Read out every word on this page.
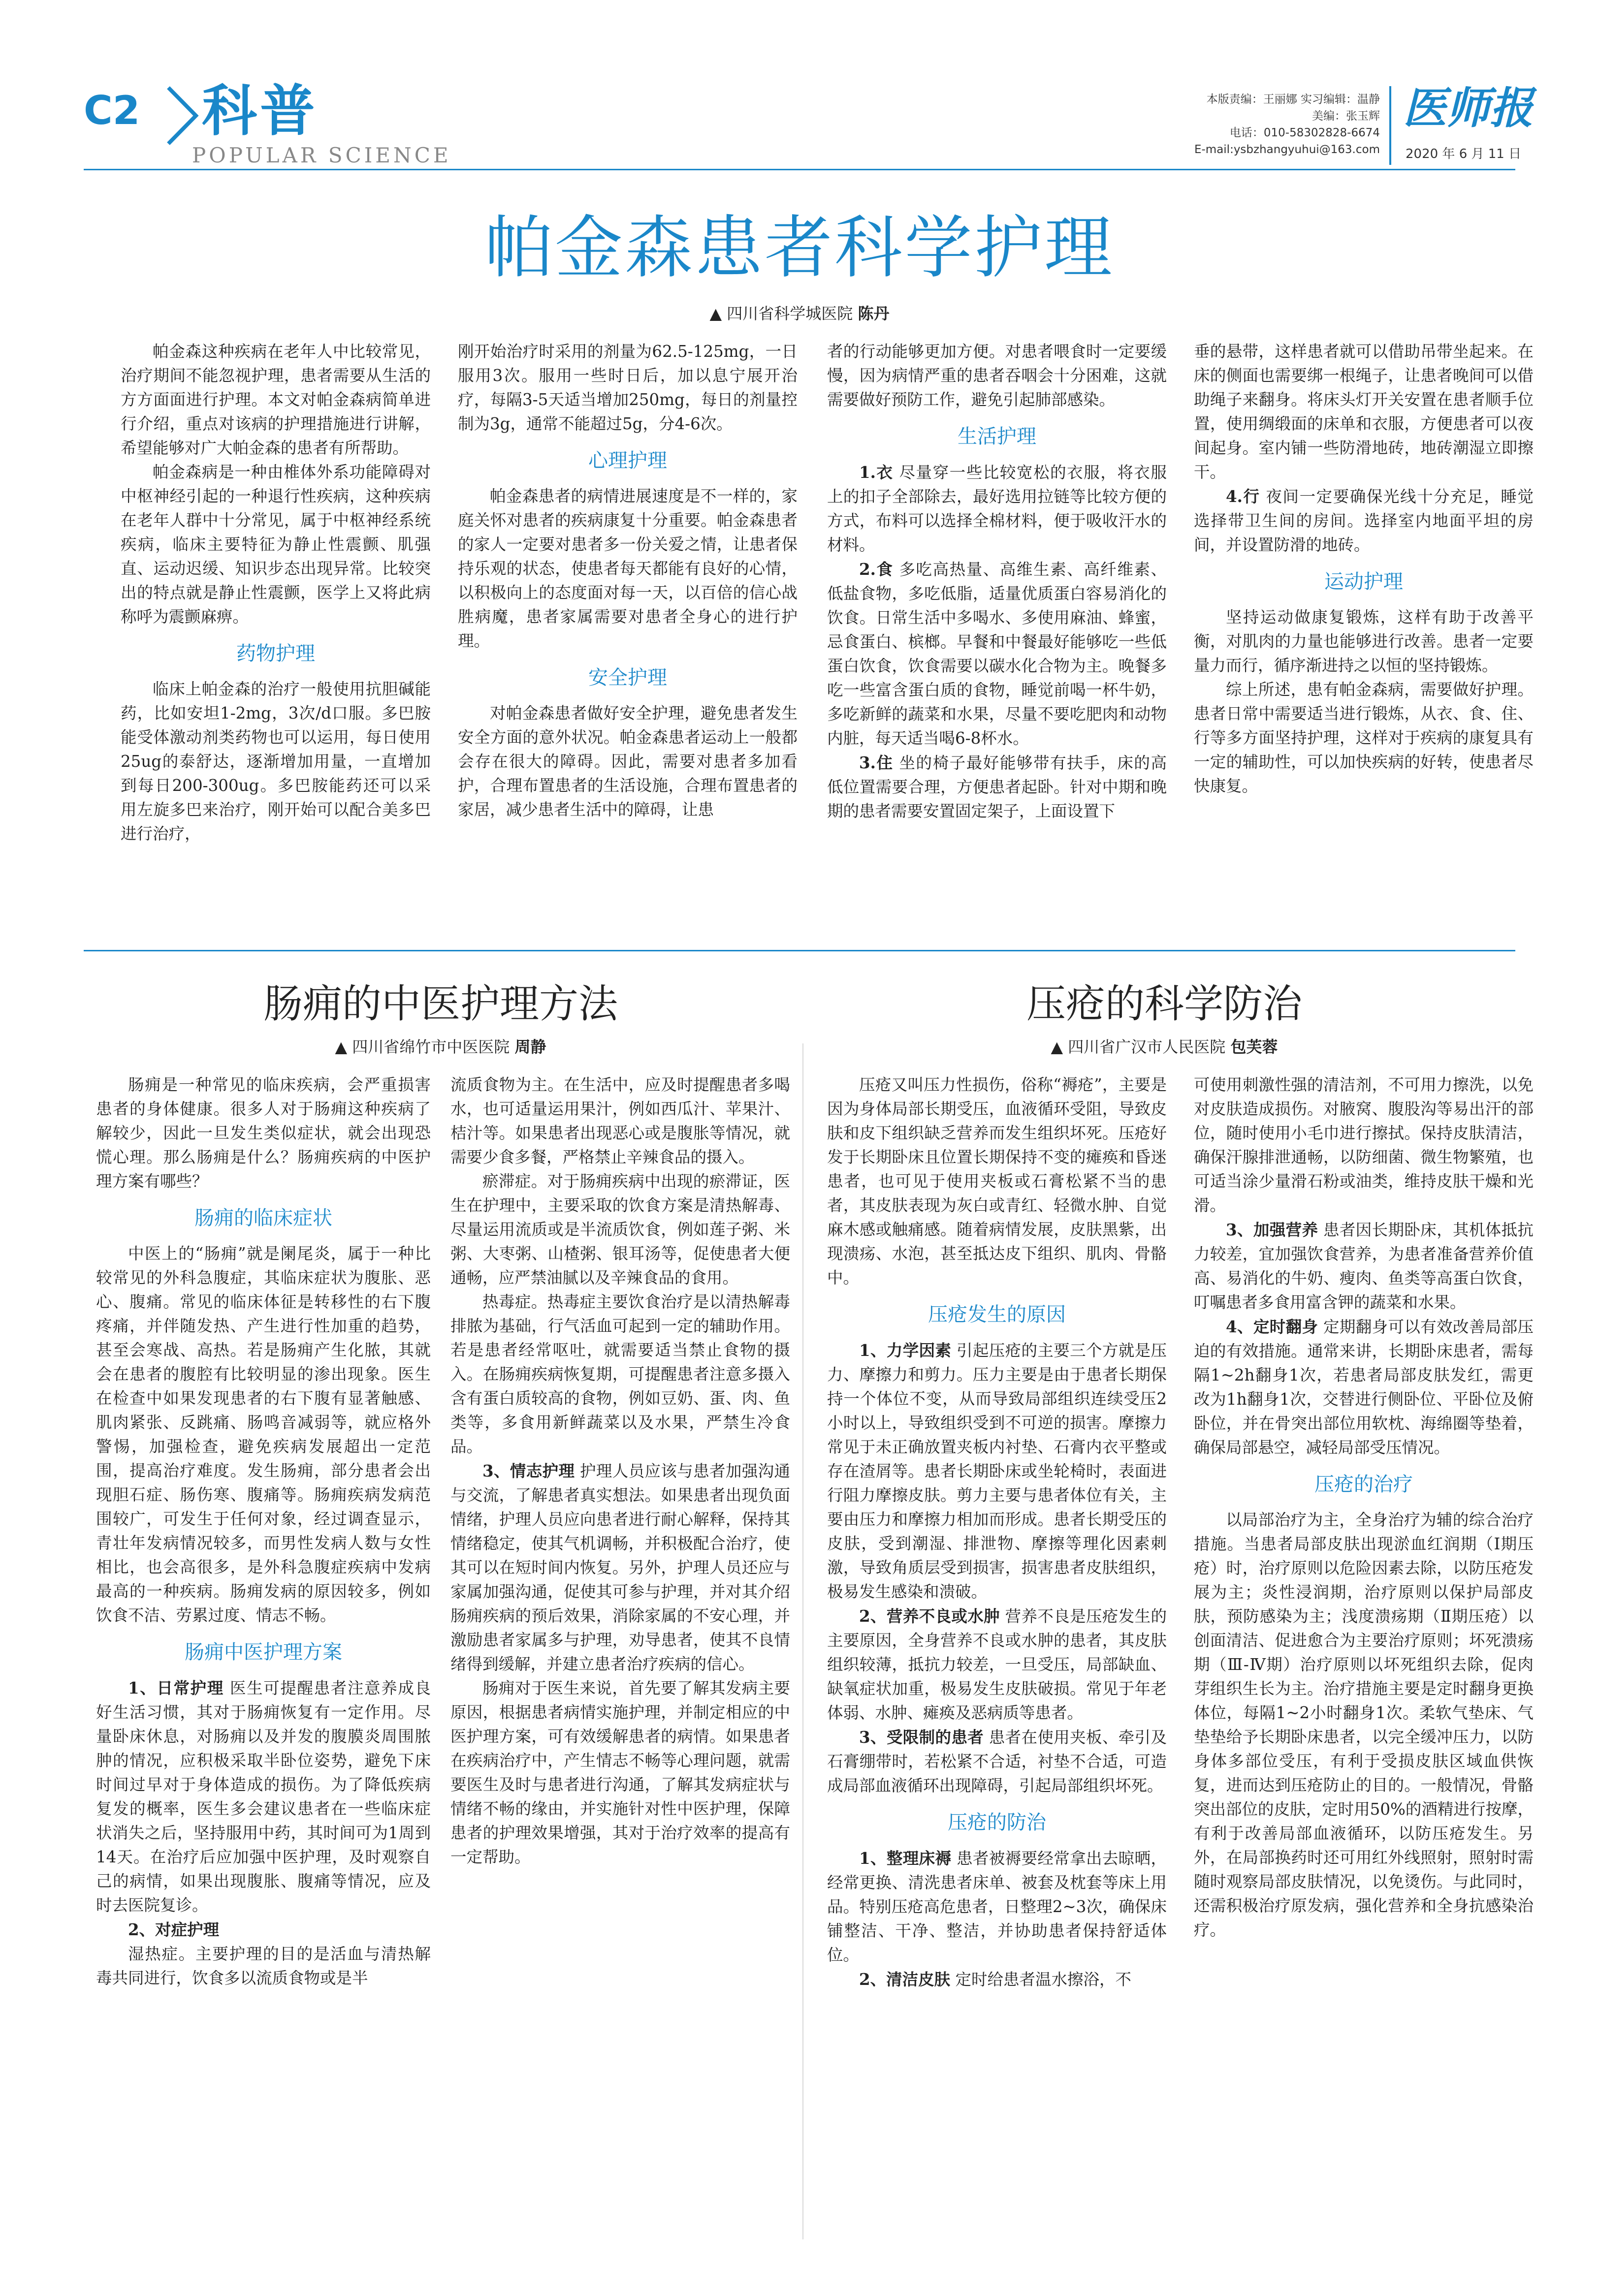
C2 科普
POPULAR SCIENCE
本版责编：王丽娜 实习编辑：温静
美编：张玉辉
电话：010-58302828-6674
E-mail:ysbzhangyuhui@163.com
医师报
2020 年 6 月 11 日
帕金森患者科学护理
▲ 四川省科学城医院 陈丹

帕金森这种疾病在老年人中比较常见，治疗期间不能忽视护理，患者需要从生活的方方面面进行护理。本文对帕金森病简单进行介绍，重点对该病的护理措施进行讲解，希望能够对广大帕金森的患者有所帮助。

帕金森病是一种由椎体外系功能障碍对中枢神经引起的一种退行性疾病，这种疾病在老年人群中十分常见，属于中枢神经系统疾病，临床主要特征为静止性震颤、肌强直、运动迟缓、知识步态出现异常。比较突出的特点就是静止性震颤，医学上又将此病称呼为震颤麻痹。

药物护理

临床上帕金森的治疗一般使用抗胆碱能药，比如安坦1-2mg，3次/d口服。多巴胺能受体激动剂类药物也可以运用，每日使用25ug的泰舒达，逐渐增加用量，一直增加到每日200-300ug。多巴胺能药还可以采用左旋多巴来治疗，刚开始可以配合美多巴进行治疗，

刚开始治疗时采用的剂量为62.5-125mg，一日服用3次。服用一些时日后，加以息宁展开治疗，每隔3-5天适当增加250mg，每日的剂量控制为3g，通常不能超过5g，分4-6次。

心理护理

帕金森患者的病情进展速度是不一样的，家庭关怀对患者的疾病康复十分重要。帕金森患者的家人一定要对患者多一份关爱之情，让患者保持乐观的状态，使患者每天都能有良好的心情，以积极向上的态度面对每一天，以百倍的信心战胜病魔，患者家属需要对患者全身心的进行护理。

安全护理

对帕金森患者做好安全护理，避免患者发生安全方面的意外状况。帕金森患者运动上一般都会存在很大的障碍。因此，需要对患者多加看护，合理布置患者的生活设施，合理布置患者的家居，减少患者生活中的障碍，让患

者的行动能够更加方便。对患者喂食时一定要缓慢，因为病情严重的患者吞咽会十分困难，这就需要做好预防工作，避免引起肺部感染。

生活护理

1.衣 尽量穿一些比较宽松的衣服，将衣服上的扣子全部除去，最好选用拉链等比较方便的方式，布料可以选择全棉材料，便于吸收汗水的材料。

2.食 多吃高热量、高维生素、高纤维素、低盐食物，多吃低脂，适量优质蛋白容易消化的饮食。日常生活中多喝水、多使用麻油、蜂蜜，忌食蛋白、槟榔。早餐和中餐最好能够吃一些低蛋白饮食，饮食需要以碳水化合物为主。晚餐多吃一些富含蛋白质的食物，睡觉前喝一杯牛奶，多吃新鲜的蔬菜和水果，尽量不要吃肥肉和动物内脏，每天适当喝6-8杯水。

3.住 坐的椅子最好能够带有扶手，床的高低位置需要合理，方便患者起卧。针对中期和晚期的患者需要安置固定架子，上面设置下

垂的悬带，这样患者就可以借助吊带坐起来。在床的侧面也需要绑一根绳子，让患者晚间可以借助绳子来翻身。将床头灯开关安置在患者顺手位置，使用绸缎面的床单和衣服，方便患者可以夜间起身。室内铺一些防滑地砖，地砖潮湿立即擦干。

4.行 夜间一定要确保光线十分充足，睡觉选择带卫生间的房间。选择室内地面平坦的房间，并设置防滑的地砖。

运动护理

坚持运动做康复锻炼，这样有助于改善平衡，对肌肉的力量也能够进行改善。患者一定要量力而行，循序渐进持之以恒的坚持锻炼。

综上所述，患有帕金森病，需要做好护理。患者日常中需要适当进行锻炼，从衣、食、住、行等多方面坚持护理，这样对于疾病的康复具有一定的辅助性，可以加快疾病的好转，使患者尽快康复。

肠痈的中医护理方法
▲ 四川省绵竹市中医医院 周静

肠痈是一种常见的临床疾病，会严重损害患者的身体健康。很多人对于肠痈这种疾病了解较少，因此一旦发生类似症状，就会出现恐慌心理。那么肠痈是什么？肠痈疾病的中医护理方案有哪些？

肠痈的临床症状

中医上的“肠痈”就是阑尾炎，属于一种比较常见的外科急腹症，其临床症状为腹胀、恶心、腹痛。常见的临床体征是转移性的右下腹疼痛，并伴随发热、产生进行性加重的趋势，甚至会寒战、高热。若是肠痈产生化脓，其就会在患者的腹腔有比较明显的渗出现象。医生在检查中如果发现患者的右下腹有显著触感、肌肉紧张、反跳痛、肠鸣音减弱等，就应格外警惕，加强检查，避免疾病发展超出一定范围，提高治疗难度。发生肠痈，部分患者会出现胆石症、肠伤寒、腹痛等。肠痈疾病发病范围较广，可发生于任何对象，经过调查显示，青壮年发病情况较多，而男性发病人数与女性相比，也会高很多，是外科急腹症疾病中发病最高的一种疾病。肠痈发病的原因较多，例如饮食不洁、劳累过度、情志不畅。

肠痈中医护理方案

1、日常护理 医生可提醒患者注意养成良好生活习惯，其对于肠痈恢复有一定作用。尽量卧床休息，对肠痈以及并发的腹膜炎周围脓肿的情况，应积极采取半卧位姿势，避免下床时间过早对于身体造成的损伤。为了降低疾病复发的概率，医生多会建议患者在一些临床症状消失之后，坚持服用中药，其时间可为1周到14天。在治疗后应加强中医护理，及时观察自己的病情，如果出现腹胀、腹痛等情况，应及时去医院复诊。

2、对症护理

湿热症。主要护理的目的是活血与清热解毒共同进行，饮食多以流质食物或是半

流质食物为主。在生活中，应及时提醒患者多喝水，也可适量运用果汁，例如西瓜汁、苹果汁、桔汁等。如果患者出现恶心或是腹胀等情况，就需要少食多餐，严格禁止辛辣食品的摄入。

瘀滞症。对于肠痈疾病中出现的瘀滞证，医生在护理中，主要采取的饮食方案是清热解毒、尽量运用流质或是半流质饮食，例如莲子粥、米粥、大枣粥、山楂粥、银耳汤等，促使患者大便通畅，应严禁油腻以及辛辣食品的食用。

热毒症。热毒症主要饮食治疗是以清热解毒排脓为基础，行气活血可起到一定的辅助作用。若是患者经常呕吐，就需要适当禁止食物的摄入。在肠痈疾病恢复期，可提醒患者注意多摄入含有蛋白质较高的食物，例如豆奶、蛋、肉、鱼类等，多食用新鲜蔬菜以及水果，严禁生冷食品。

3、情志护理 护理人员应该与患者加强沟通与交流，了解患者真实想法。如果患者出现负面情绪，护理人员应向患者进行耐心解释，保持其情绪稳定，使其气机调畅，并积极配合治疗，使其可以在短时间内恢复。另外，护理人员还应与家属加强沟通，促使其可参与护理，并对其介绍肠痈疾病的预后效果，消除家属的不安心理，并激励患者家属多与护理，劝导患者，使其不良情绪得到缓解，并建立患者治疗疾病的信心。

肠痈对于医生来说，首先要了解其发病主要原因，根据患者病情实施护理，并制定相应的中医护理方案，可有效缓解患者的病情。如果患者在疾病治疗中，产生情志不畅等心理问题，就需要医生及时与患者进行沟通，了解其发病症状与情绪不畅的缘由，并实施针对性中医护理，保障患者的护理效果增强，其对于治疗效率的提高有一定帮助。

压疮的科学防治
▲ 四川省广汉市人民医院 包芙蓉

压疮又叫压力性损伤，俗称“褥疮”，主要是因为身体局部长期受压，血液循环受阻，导致皮肤和皮下组织缺乏营养而发生组织坏死。压疮好发于长期卧床且位置长期保持不变的瘫痪和昏迷患者，也可见于使用夹板或石膏松紧不当的患者，其皮肤表现为灰白或青红、轻微水肿、自觉麻木感或触痛感。随着病情发展，皮肤黑紫，出现溃疡、水泡，甚至抵达皮下组织、肌肉、骨骼中。

压疮发生的原因

1、力学因素 引起压疮的主要三个方就是压力、摩擦力和剪力。压力主要是由于患者长期保持一个体位不变，从而导致局部组织连续受压2小时以上，导致组织受到不可逆的损害。摩擦力常见于未正确放置夹板内衬垫、石膏内衣平整或存在渣屑等。患者长期卧床或坐轮椅时，表面进行阻力摩擦皮肤。剪力主要与患者体位有关，主要由压力和摩擦力相加而形成。患者长期受压的皮肤，受到潮湿、排泄物、摩擦等理化因素刺激，导致角质层受到损害，损害患者皮肤组织，极易发生感染和溃破。

2、营养不良或水肿 营养不良是压疮发生的主要原因，全身营养不良或水肿的患者，其皮肤组织较薄，抵抗力较差，一旦受压，局部缺血、缺氧症状加重，极易发生皮肤破损。常见于年老体弱、水肿、瘫痪及恶病质等患者。

3、受限制的患者 患者在使用夹板、牵引及石膏绷带时，若松紧不合适，衬垫不合适，可造成局部血液循环出现障碍，引起局部组织坏死。

压疮的防治

1、整理床褥 患者被褥要经常拿出去晾晒，经常更换、清洗患者床单、被套及枕套等床上用品。特别压疮高危患者，日整理2~3次，确保床铺整洁、干净、整洁，并协助患者保持舒适体位。

2、清洁皮肤 定时给患者温水擦浴，不

可使用刺激性强的清洁剂，不可用力擦洗，以免对皮肤造成损伤。对腋窝、腹股沟等易出汗的部位，随时使用小毛巾进行擦拭。保持皮肤清洁，确保汗腺排泄通畅，以防细菌、微生物繁殖，也可适当涂少量滑石粉或油类，维持皮肤干燥和光滑。

3、加强营养 患者因长期卧床，其机体抵抗力较差，宜加强饮食营养，为患者准备营养价值高、易消化的牛奶、瘦肉、鱼类等高蛋白饮食，叮嘱患者多食用富含钾的蔬菜和水果。

4、定时翻身 定期翻身可以有效改善局部压迫的有效措施。通常来讲，长期卧床患者，需每隔1~2h翻身1次，若患者局部皮肤发红，需更改为1h翻身1次，交替进行侧卧位、平卧位及俯卧位，并在骨突出部位用软枕、海绵圈等垫着，确保局部悬空，减轻局部受压情况。

压疮的治疗

以局部治疗为主，全身治疗为辅的综合治疗措施。当患者局部皮肤出现淤血红润期（Ⅰ期压疮）时，治疗原则以危险因素去除，以防压疮发展为主；炎性浸润期，治疗原则以保护局部皮肤，预防感染为主；浅度溃疡期（Ⅱ期压疮）以创面清洁、促进愈合为主要治疗原则；坏死溃疡期（Ⅲ-Ⅳ期）治疗原则以坏死组织去除，促肉芽组织生长为主。治疗措施主要是定时翻身更换体位，每隔1~2小时翻身1次。柔软气垫床、气垫垫给予长期卧床患者，以完全缓冲压力，以防身体多部位受压，有利于受损皮肤区域血供恢复，进而达到压疮防止的目的。一般情况，骨骼突出部位的皮肤，定时用50%的酒精进行按摩，有利于改善局部血液循环，以防压疮发生。另外，在局部换药时还可用红外线照射，照射时需随时观察局部皮肤情况，以免烫伤。与此同时，还需积极治疗原发病，强化营养和全身抗感染治疗。
